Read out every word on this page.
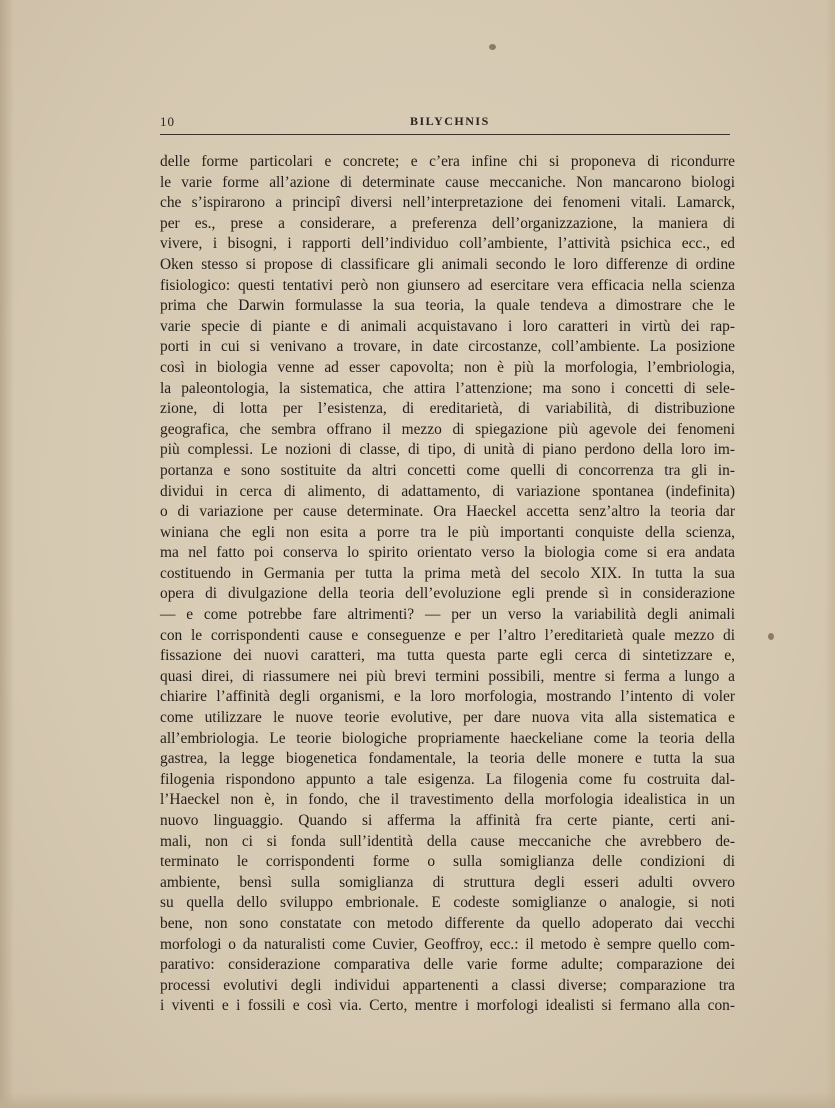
10	BILYCHNIS
delle forme particolari e concrete; e c’era infine chi si proponeva di ricondurre
le varie forme all’azione di determinate cause meccaniche. Non mancarono biologi
che s’ispirarono a principî diversi nell’interpretazione dei fenomeni vitali. Lamarck,
per es., prese a considerare, a preferenza dell’organizzazione, la maniera di
vivere, i bisogni, i rapporti dell’individuo coll’ambiente, l’attività psichica ecc., ed
Oken stesso si propose di classificare gli animali secondo le loro differenze di ordine
fisiologico: questi tentativi però non giunsero ad esercitare vera efficacia nella scienza
prima che Darwin formulasse la sua teoria, la quale tendeva a dimostrare che le
varie specie di piante e di animali acquistavano i loro caratteri in virtù dei rap-
porti in cui si venivano a trovare, in date circostanze, coll’ambiente. La posizione
così in biologia venne ad esser capovolta; non è più la morfologia, l’embriologia,
la paleontologia, la sistematica, che attira l’attenzione; ma sono i concetti di sele-
zione, di lotta per l’esistenza, di ereditarietà, di variabilità, di distribuzione
geografica, che sembra offrano il mezzo di spiegazione più agevole dei fenomeni
più complessi. Le nozioni di classe, di tipo, di unità di piano perdono della loro im-
portanza e sono sostituite da altri concetti come quelli di concorrenza tra gli in-
dividui in cerca di alimento, di adattamento, di variazione spontanea (indefinita)
o di variazione per cause determinate. Ora Haeckel accetta senz’altro la teoria dar
winiana che egli non esita a porre tra le più importanti conquiste della scienza,
ma nel fatto poi conserva lo spirito orientato verso la biologia come si era andata
costituendo in Germania per tutta la prima metà del secolo XIX. In tutta la sua
opera di divulgazione della teoria dell’evoluzione egli prende sì in considerazione
— e come potrebbe fare altrimenti? — per un verso la variabilità degli animali
con le corrispondenti cause e conseguenze e per l’altro l’ereditarietà quale mezzo di
fissazione dei nuovi caratteri, ma tutta questa parte egli cerca di sintetizzare e,
quasi direi, di riassumere nei più brevi termini possibili, mentre si ferma a lungo a
chiarire l’affinità degli organismi, e la loro morfologia, mostrando l’intento di voler
come utilizzare le nuove teorie evolutive, per dare nuova vita alla sistematica e
all’embriologia. Le teorie biologiche propriamente haeckeliane come la teoria della
gastrea, la legge biogenetica fondamentale, la teoria delle monere e tutta la sua
filogenia rispondono appunto a tale esigenza. La filogenia come fu costruita dal-
l’Haeckel non è, in fondo, che il travestimento della morfologia idealistica in un
nuovo linguaggio. Quando si afferma la affinità fra certe piante, certi ani-
mali, non ci si fonda sull’identità della cause meccaniche che avrebbero de-
terminato le corrispondenti forme o sulla somiglianza delle condizioni di
ambiente, bensì sulla somiglianza di struttura degli esseri adulti ovvero
su quella dello sviluppo embrionale. E codeste somiglianze o analogie, si noti
bene, non sono constatate con metodo differente da quello adoperato dai vecchi
morfologi o da naturalisti come Cuvier, Geoffroy, ecc.: il metodo è sempre quello com-
parativo: considerazione comparativa delle varie forme adulte; comparazione dei
processi evolutivi degli individui appartenenti a classi diverse; comparazione tra
i viventi e i fossili e così via. Certo, mentre i morfologi idealisti si fermano alla con-
